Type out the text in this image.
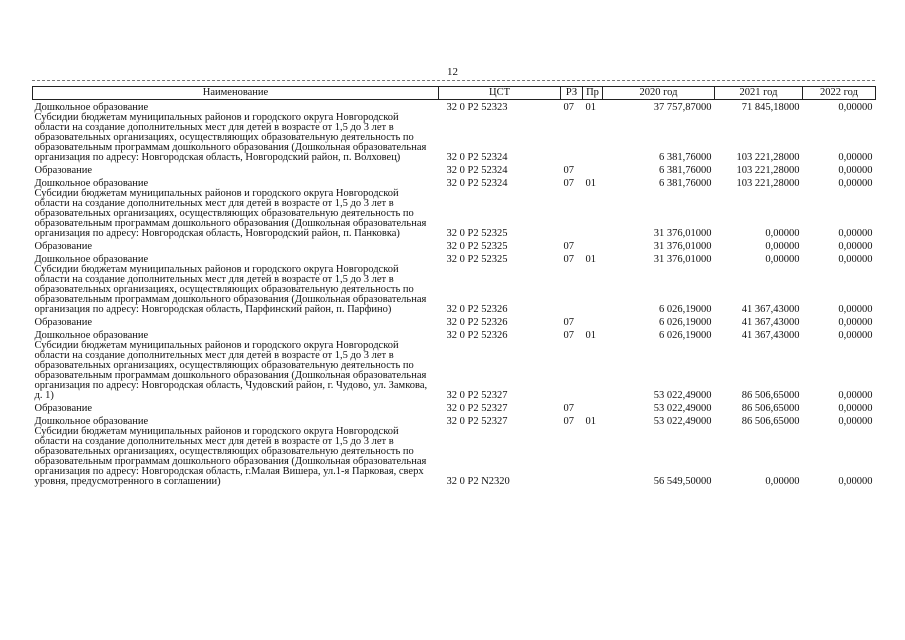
12
Наименование	ЦСТ	РЗ	Пр	2020 год	2021 год	2022 год
Дошкольное образование	32 0 P2 52323	07	01	37 757,87000	71 845,18000	0,00000
Субсидии бюджетам муниципальных районов и городского округа Новгородской области на создание дополнительных мест для детей в возрасте от 1,5 до 3 лет в образовательных организациях, осуществляющих образовательную деятельность по образовательным программам дошкольного образования (Дошкольная образовательная организация по адресу: Новгородская область, Новгородский район, п. Волховец)	32 0 P2 52324			6 381,76000	103 221,28000	0,00000
Образование	32 0 P2 52324	07		6 381,76000	103 221,28000	0,00000
Дошкольное образование	32 0 P2 52324	07	01	6 381,76000	103 221,28000	0,00000
Субсидии бюджетам муниципальных районов и городского округа Новгородской области на создание дополнительных мест для детей в возрасте от 1,5 до 3 лет в образовательных организациях, осуществляющих образовательную деятельность по образовательным программам дошкольного образования (Дошкольная образовательная организация по адресу: Новгородская область, Новгородский район, п. Панковка)	32 0 P2 52325			31 376,01000	0,00000	0,00000
Образование	32 0 P2 52325	07		31 376,01000	0,00000	0,00000
Дошкольное образование	32 0 P2 52325	07	01	31 376,01000	0,00000	0,00000
Субсидии бюджетам муниципальных районов и городского округа Новгородской области на создание дополнительных мест для детей в возрасте от 1,5 до 3 лет в образовательных организациях, осуществляющих образовательную деятельность по образовательным программам дошкольного образования (Дошкольная образовательная организация по адресу: Новгородская область, Парфинский район, п. Парфино)	32 0 P2 52326			6 026,19000	41 367,43000	0,00000
Образование	32 0 P2 52326	07		6 026,19000	41 367,43000	0,00000
Дошкольное образование	32 0 P2 52326	07	01	6 026,19000	41 367,43000	0,00000
Субсидии бюджетам муниципальных районов и городского округа Новгородской области на создание дополнительных мест для детей в возрасте от 1,5 до 3 лет в образовательных организациях, осуществляющих образовательную деятельность по образовательным программам дошкольного образования (Дошкольная образовательная организация по адресу: Новгородская область, Чудовский район, г. Чудово, ул. Замкова, д. 1)	32 0 P2 52327			53 022,49000	86 506,65000	0,00000
Образование	32 0 P2 52327	07		53 022,49000	86 506,65000	0,00000
Дошкольное образование	32 0 P2 52327	07	01	53 022,49000	86 506,65000	0,00000
Субсидии бюджетам муниципальных районов и городского округа Новгородской области на создание дополнительных мест для детей в возрасте от 1,5 до 3 лет в образовательных организациях, осуществляющих образовательную деятельность по образовательным программам дошкольного образования (Дошкольная образовательная организация по адресу: Новгородская область, г.Малая Вишера, ул.1-я Парковая, сверх уровня, предусмотренного в соглашении)	32 0 P2 N2320			56 549,50000	0,00000	0,00000
